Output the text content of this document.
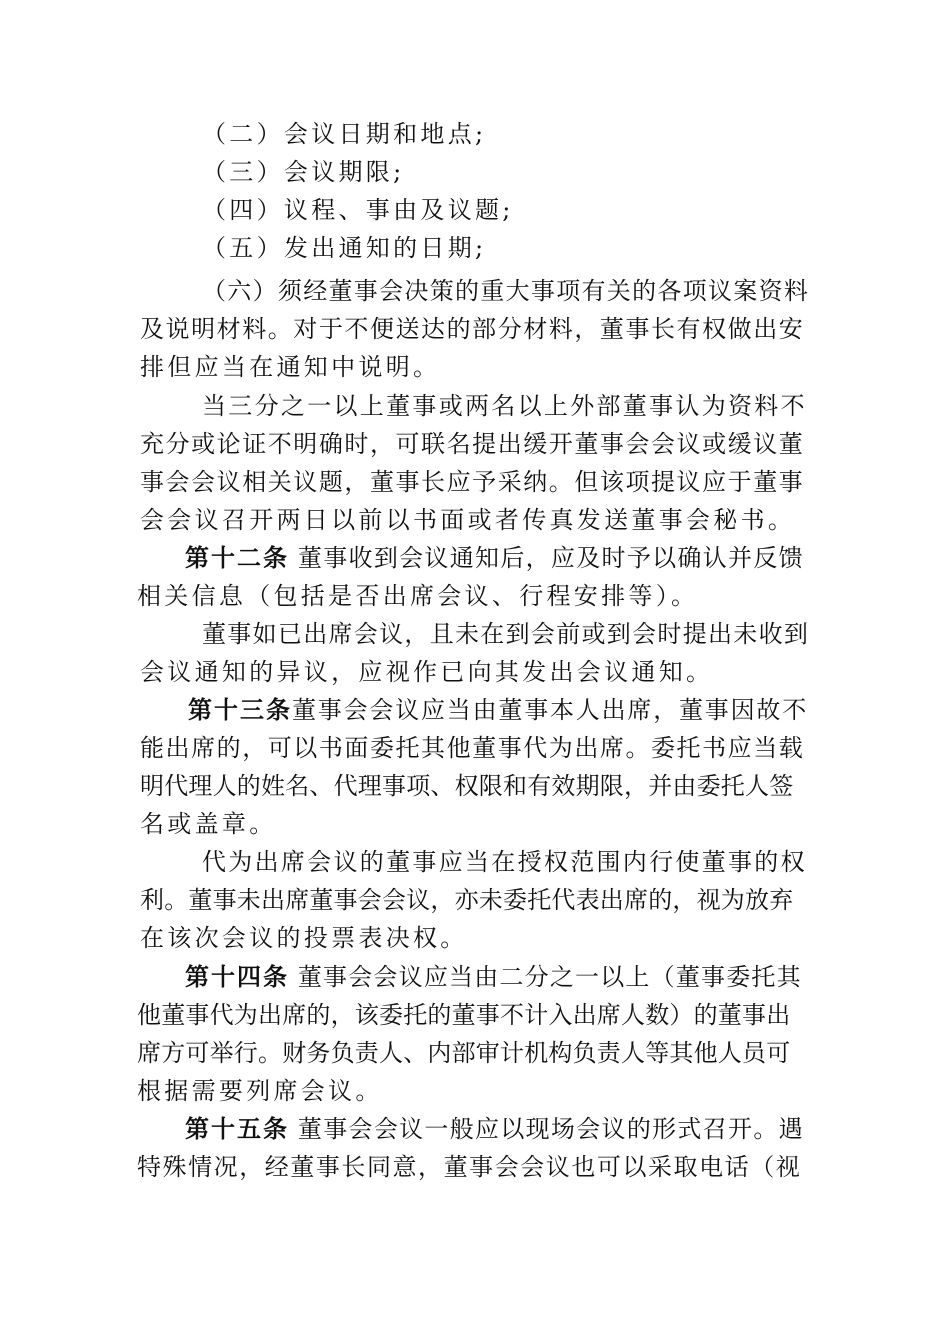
（二）会议日期和地点;
（三）会议期限;
（四）议程、事由及议题;
（五）发出通知的日期;
（六）须经董事会决策的重大事项有关的各项议案资料
及说明材料。对于不便送达的部分材料，董事长有权做出安
排但应当在通知中说明。
当三分之一以上董事或两名以上外部董事认为资料不
充分或论证不明确时，可联名提出缓开董事会会议或缓议董
事会会议相关议题，董事长应予采纳。但该项提议应于董事
会会议召开两日以前以书面或者传真发送董事会秘书。
第十二条 董事收到会议通知后，应及时予以确认并反馈
相关信息（包括是否出席会议、行程安排等）。
董事如已出席会议，且未在到会前或到会时提出未收到
会议通知的异议，应视作已向其发出会议通知。
第十三条董事会会议应当由董事本人出席，董事因故不
能出席的，可以书面委托其他董事代为出席。委托书应当载
明代理人的姓名、代理事项、权限和有效期限，并由委托人签
名或盖章。
代为出席会议的董事应当在授权范围内行使董事的权
利。董事未出席董事会会议，亦未委托代表出席的，视为放弃
在该次会议的投票表决权。
第十四条 董事会会议应当由二分之一以上（董事委托其
他董事代为出席的，该委托的董事不计入出席人数）的董事出
席方可举行。财务负责人、内部审计机构负责人等其他人员可
根据需要列席会议。
第十五条 董事会会议一般应以现场会议的形式召开。遇
特殊情况，经董事长同意，董事会会议也可以采取电话（视
